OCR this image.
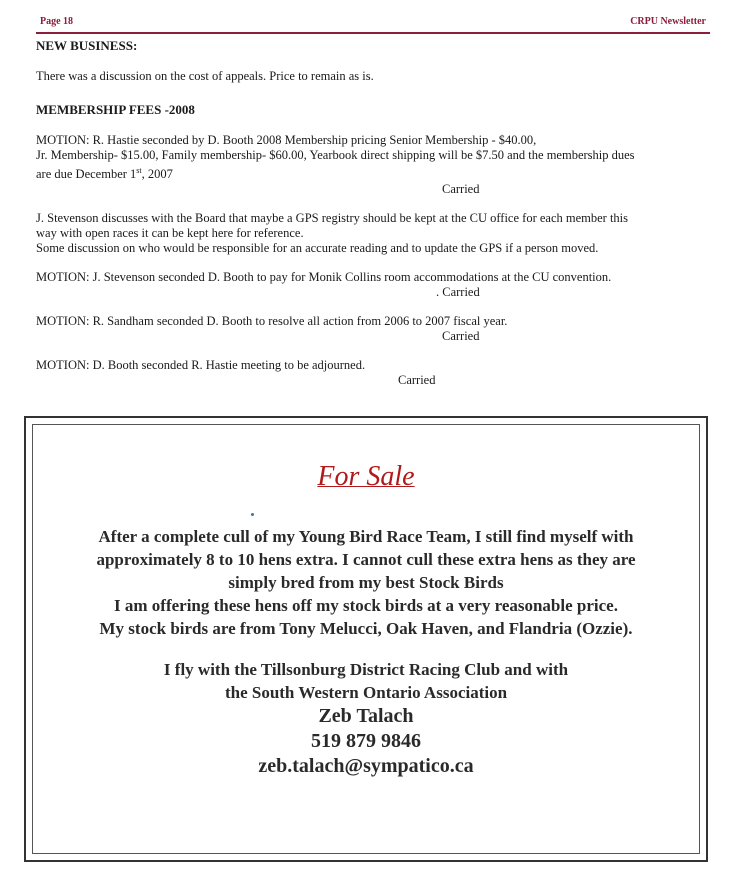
Page 18	CRPU Newsletter

NEW BUSINESS:

There was a discussion on the cost of appeals. Price to remain as is.

MEMBERSHIP FEES -2008

MOTION: R. Hastie seconded by D. Booth 2008 Membership pricing Senior Membership - $40.00,
Jr. Membership- $15.00, Family membership- $60.00, Yearbook direct shipping will be $7.50 and the membership dues
are due December 1st, 2007
Carried
J. Stevenson discusses with the Board that maybe a GPS registry should be kept at the CU office for each member this
way with open races it can be kept here for reference.
Some discussion on who would be responsible for an accurate reading and to update the GPS if a person moved.
MOTION: J. Stevenson seconded D. Booth to pay for Monik Collins room accommodations at the CU convention.
. Carried
MOTION: R. Sandham seconded D. Booth to resolve all action from 2006 to 2007 fiscal year.
Carried
MOTION: D. Booth seconded R. Hastie meeting to be adjourned.
Carried
For Sale

After a complete cull of my Young Bird Race Team, I still find myself with

approximately 8 to 10 hens extra. I cannot cull these extra hens as they are

simply bred from my best Stock Birds

I am offering these hens off my stock birds at a very reasonable price.

My stock birds are from Tony Melucci, Oak Haven, and Flandria (Ozzie).

I fly with the Tillsonburg District Racing Club and with

the South Western Ontario Association

Zeb Talach

519 879 9846

zeb.talach@sympatico.ca
